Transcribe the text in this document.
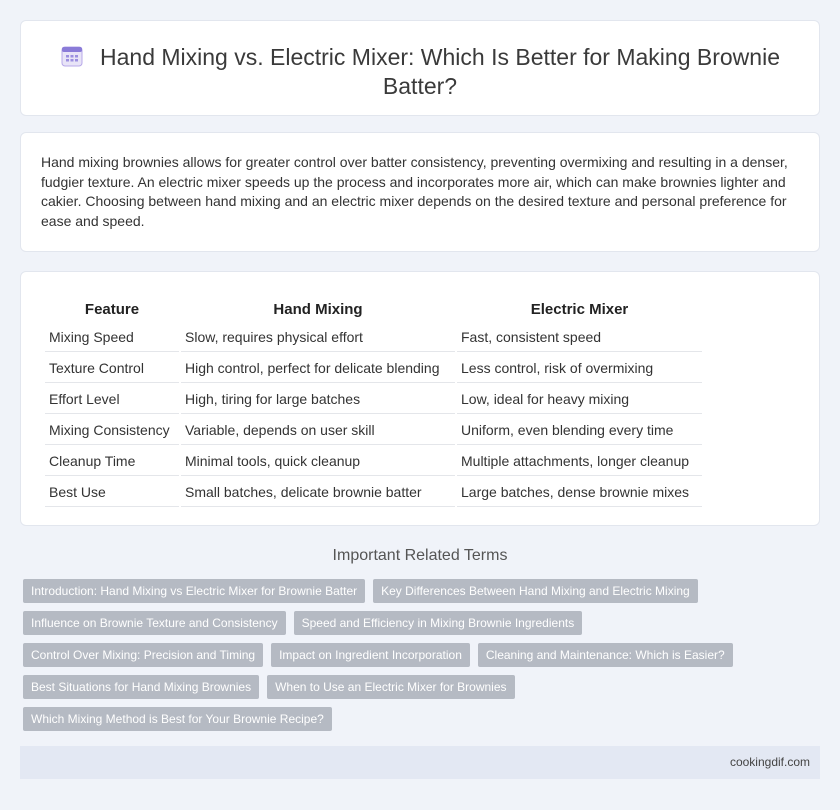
Hand Mixing vs. Electric Mixer: Which Is Better for Making Brownie Batter?

Hand mixing brownies allows for greater control over batter consistency, preventing overmixing and resulting in a denser, fudgier texture. An electric mixer speeds up the process and incorporates more air, which can make brownies lighter and cakier. Choosing between hand mixing and an electric mixer depends on the desired texture and personal preference for ease and speed.

Feature	Hand Mixing	Electric Mixer
Mixing Speed	Slow, requires physical effort	Fast, consistent speed
Texture Control	High control, perfect for delicate blending	Less control, risk of overmixing
Effort Level	High, tiring for large batches	Low, ideal for heavy mixing
Mixing Consistency	Variable, depends on user skill	Uniform, even blending every time
Cleanup Time	Minimal tools, quick cleanup	Multiple attachments, longer cleanup
Best Use	Small batches, delicate brownie batter	Large batches, dense brownie mixes
Important Related Terms
Introduction: Hand Mixing vs Electric Mixer for Brownie Batter	Key Differences Between Hand Mixing and Electric Mixing
Influence on Brownie Texture and Consistency	Speed and Efficiency in Mixing Brownie Ingredients
Control Over Mixing: Precision and Timing	Impact on Ingredient Incorporation	Cleaning and Maintenance: Which is Easier?
Best Situations for Hand Mixing Brownies	When to Use an Electric Mixer for Brownies
Which Mixing Method is Best for Your Brownie Recipe?
cookingdif.com
